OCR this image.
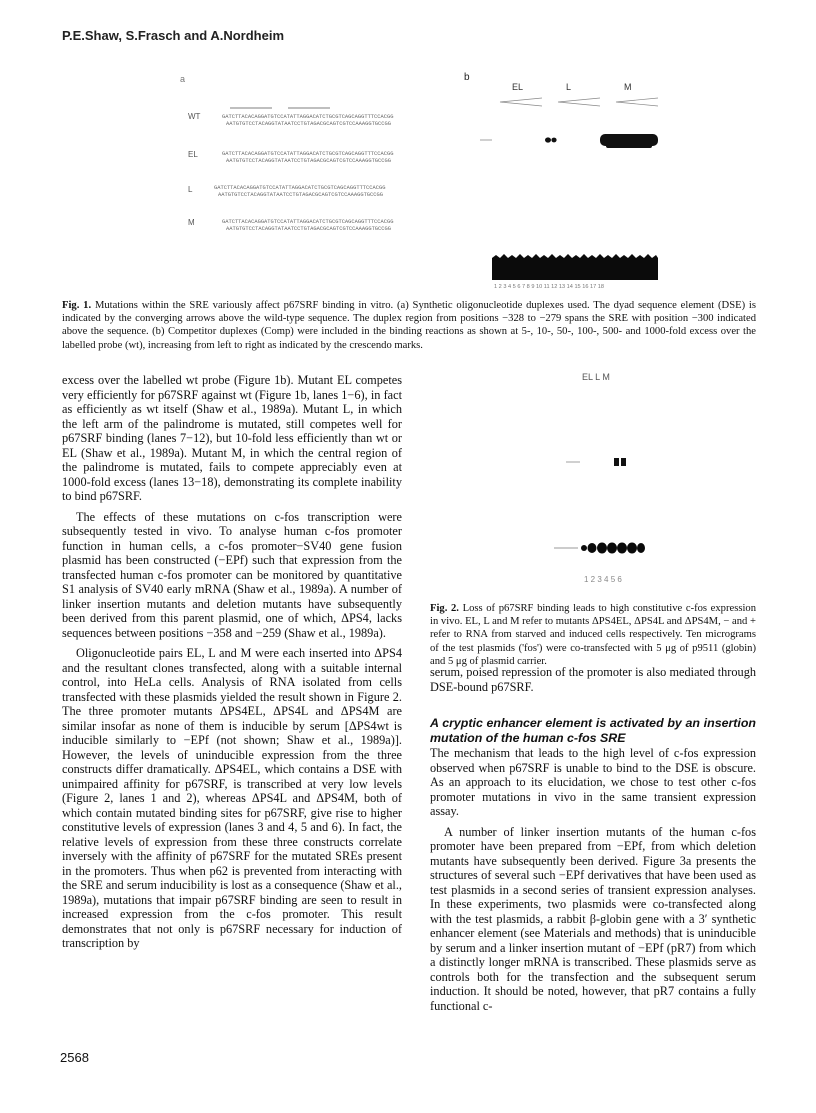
P.E.Shaw, S.Frasch and A.Nordheim
a	b
WT
EL
L
M
GATCTTACACAGGATGTCCATATTAGGACATCTGCGTCAGCAGGTTTCCACGG
AATGTGTCCTACAGGTATAATCCTGTAGACGCAGTCGTCCAAAGGTGCCGG
GATCTTACACAGGATGTCCATATTAGGACATCTGCGTCAGCAGGTTTCCACGG
AATGTGTCCTACAGGTATAATCCTGTAGACGCAGTCGTCCAAAGGTGCCGG
GATCTTACACAGGATGTCCATATTAGGACATCTGCGTCAGCAGGTTTCCACGG
AATGTGTCCTACAGGTATAATCCTGTAGACGCAGTCGTCCAAAGGTGCCGG
GATCTTACACAGGATGTCCATATTAGGACATCTGCGTCAGCAGGTTTCCACGG
AATGTGTCCTACAGGTATAATCCTGTAGACGCAGTCGTCCAAAGGTGCCGG
EL	L	M
1 2 3 4 5 6 7 8 9 10 11 12 13 14 15 16 17 18
Fig. 1. Mutations within the SRE variously affect p67SRF binding in vitro. (a) Synthetic oligonucleotide duplexes used. The dyad sequence element (DSE) is indicated by the converging arrows above the wild-type sequence. The duplex region from positions −328 to −279 spans the SRE with position −300 indicated above the sequence. (b) Competitor duplexes (Comp) were included in the binding reactions as shown at 5-, 10-, 50-, 100-, 500- and 1000-fold excess over the labelled probe (wt), increasing from left to right as indicated by the crescendo marks.

excess over the labelled wt probe (Figure 1b). Mutant EL competes very efficiently for p67SRF against wt (Figure 1b, lanes 1−6), in fact as efficiently as wt itself (Shaw et al., 1989a). Mutant L, in which the left arm of the palindrome is mutated, still competes well for p67SRF binding (lanes 7−12), but 10-fold less efficiently than wt or EL (Shaw et al., 1989a). Mutant M, in which the central region of the palindrome is mutated, fails to compete appreciably even at 1000-fold excess (lanes 13−18), demonstrating its complete inability to bind p67SRF.

The effects of these mutations on c-fos transcription were subsequently tested in vivo. To analyse human c-fos promoter function in human cells, a c-fos promoter−SV40 gene fusion plasmid has been constructed (−EPf) such that expression from the transfected human c-fos promoter can be monitored by quantitative S1 analysis of SV40 early mRNA (Shaw et al., 1989a). A number of linker insertion mutants and deletion mutants have subsequently been derived from this parent plasmid, one of which, ΔPS4, lacks sequences between positions −358 and −259 (Shaw et al., 1989a).

Oligonucleotide pairs EL, L and M were each inserted into ΔPS4 and the resultant clones transfected, along with a suitable internal control, into HeLa cells. Analysis of RNA isolated from cells transfected with these plasmids yielded the result shown in Figure 2. The three promoter mutants ΔPS4EL, ΔPS4L and ΔPS4M are similar insofar as none of them is inducible by serum [ΔPS4wt is inducible similarly to −EPf (not shown; Shaw et al., 1989a)]. However, the levels of uninducible expression from the three constructs differ dramatically. ΔPS4EL, which contains a DSE with unimpaired affinity for p67SRF, is transcribed at very low levels (Figure 2, lanes 1 and 2), whereas ΔPS4L and ΔPS4M, both of which contain mutated binding sites for p67SRF, give rise to higher constitutive levels of expression (lanes 3 and 4, 5 and 6). In fact, the relative levels of expression from these three constructs correlate inversely with the affinity of p67SRF for the mutated SREs present in the promoters. Thus when p62 is prevented from interacting with the SRE and serum inducibility is lost as a consequence (Shaw et al., 1989a), mutations that impair p67SRF binding are seen to result in increased expression from the c-fos promoter. This result demonstrates that not only is p67SRF necessary for induction of transcription by

EL L M
1 2 3 4 5 6
Fig. 2. Loss of p67SRF binding leads to high constitutive c-fos expression in vivo. EL, L and M refer to mutants ΔPS4EL, ΔPS4L and ΔPS4M, − and + refer to RNA from starved and induced cells respectively. Ten micrograms of the test plasmids ('fos') were co-transfected with 5 μg of p9511 (globin) and 5 μg of plasmid carrier.

serum, poised repression of the promoter is also mediated through DSE-bound p67SRF.

A cryptic enhancer element is activated by an insertion mutation of the human c-fos SRE

The mechanism that leads to the high level of c-fos expression observed when p67SRF is unable to bind to the DSE is obscure. As an approach to its elucidation, we chose to test other c-fos promoter mutations in vivo in the same transient expression assay.

A number of linker insertion mutants of the human c-fos promoter have been prepared from −EPf, from which deletion mutants have subsequently been derived. Figure 3a presents the structures of several such −EPf derivatives that have been used as test plasmids in a second series of transient expression analyses. In these experiments, two plasmids were co-transfected along with the test plasmids, a rabbit β-globin gene with a 3′ synthetic enhancer element (see Materials and methods) that is uninducible by serum and a linker insertion mutant of −EPf (pR7) from which a distinctly longer mRNA is transcribed. These plasmids serve as controls both for the transfection and the subsequent serum induction. It should be noted, however, that pR7 contains a fully functional c-

2568
